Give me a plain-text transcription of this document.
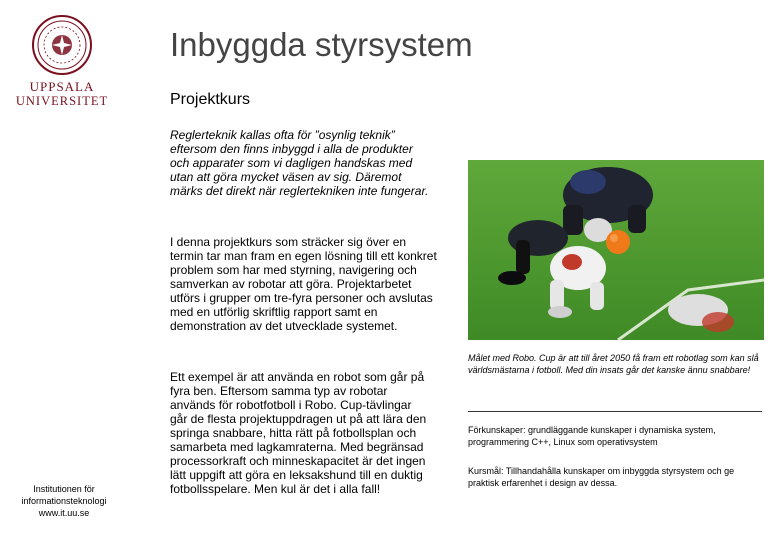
UPPSALA
UNIVERSITET
Inbyggda styrsystem
Projektkurs
Reglerteknik kallas ofta för ”osynlig teknik” eftersom den finns inbyggd i alla de produkter och apparater som vi dagligen handskas med utan att göra mycket väsen av sig. Däremot märks det direkt när reglertekniken inte fungerar.
I denna projektkurs som sträcker sig över en termin tar man fram en egen lösning till ett konkret problem som har med styrning, navigering och samverkan av robotar att göra. Projektarbetet utförs i grupper om tre-fyra personer och avslutas med en utförlig skriftlig rapport samt en demonstration av det utvecklade systemet.
Ett exempel är att använda en robot som går på fyra ben. Eftersom samma typ av robotar används för robotfotboll i Robo. Cup-tävlingar går de flesta projektuppdragen ut på att lära den springa snabbare, hitta rätt på fotbollsplan och samarbeta med lagkamraterna. Med begränsad processorkraft och minneskapacitet är det ingen lätt uppgift att göra en leksakshund till en duktig fotbollsspelare. Men kul är det i alla fall!
Målet med Robo. Cup är att till året 2050 få fram ett robotlag som kan slå världsmästarna i fotboll. Med din insats går det kanske ännu snabbare!
Förkunskaper: grundläggande kunskaper i dynamiska system, programmering C++, Linux som operativsystem
Kursmål: Tillhandahålla kunskaper om inbyggda styrsystem och ge praktisk erfarenhet i design av dessa.
Institutionen för
informationsteknologi
www.it.uu.se
